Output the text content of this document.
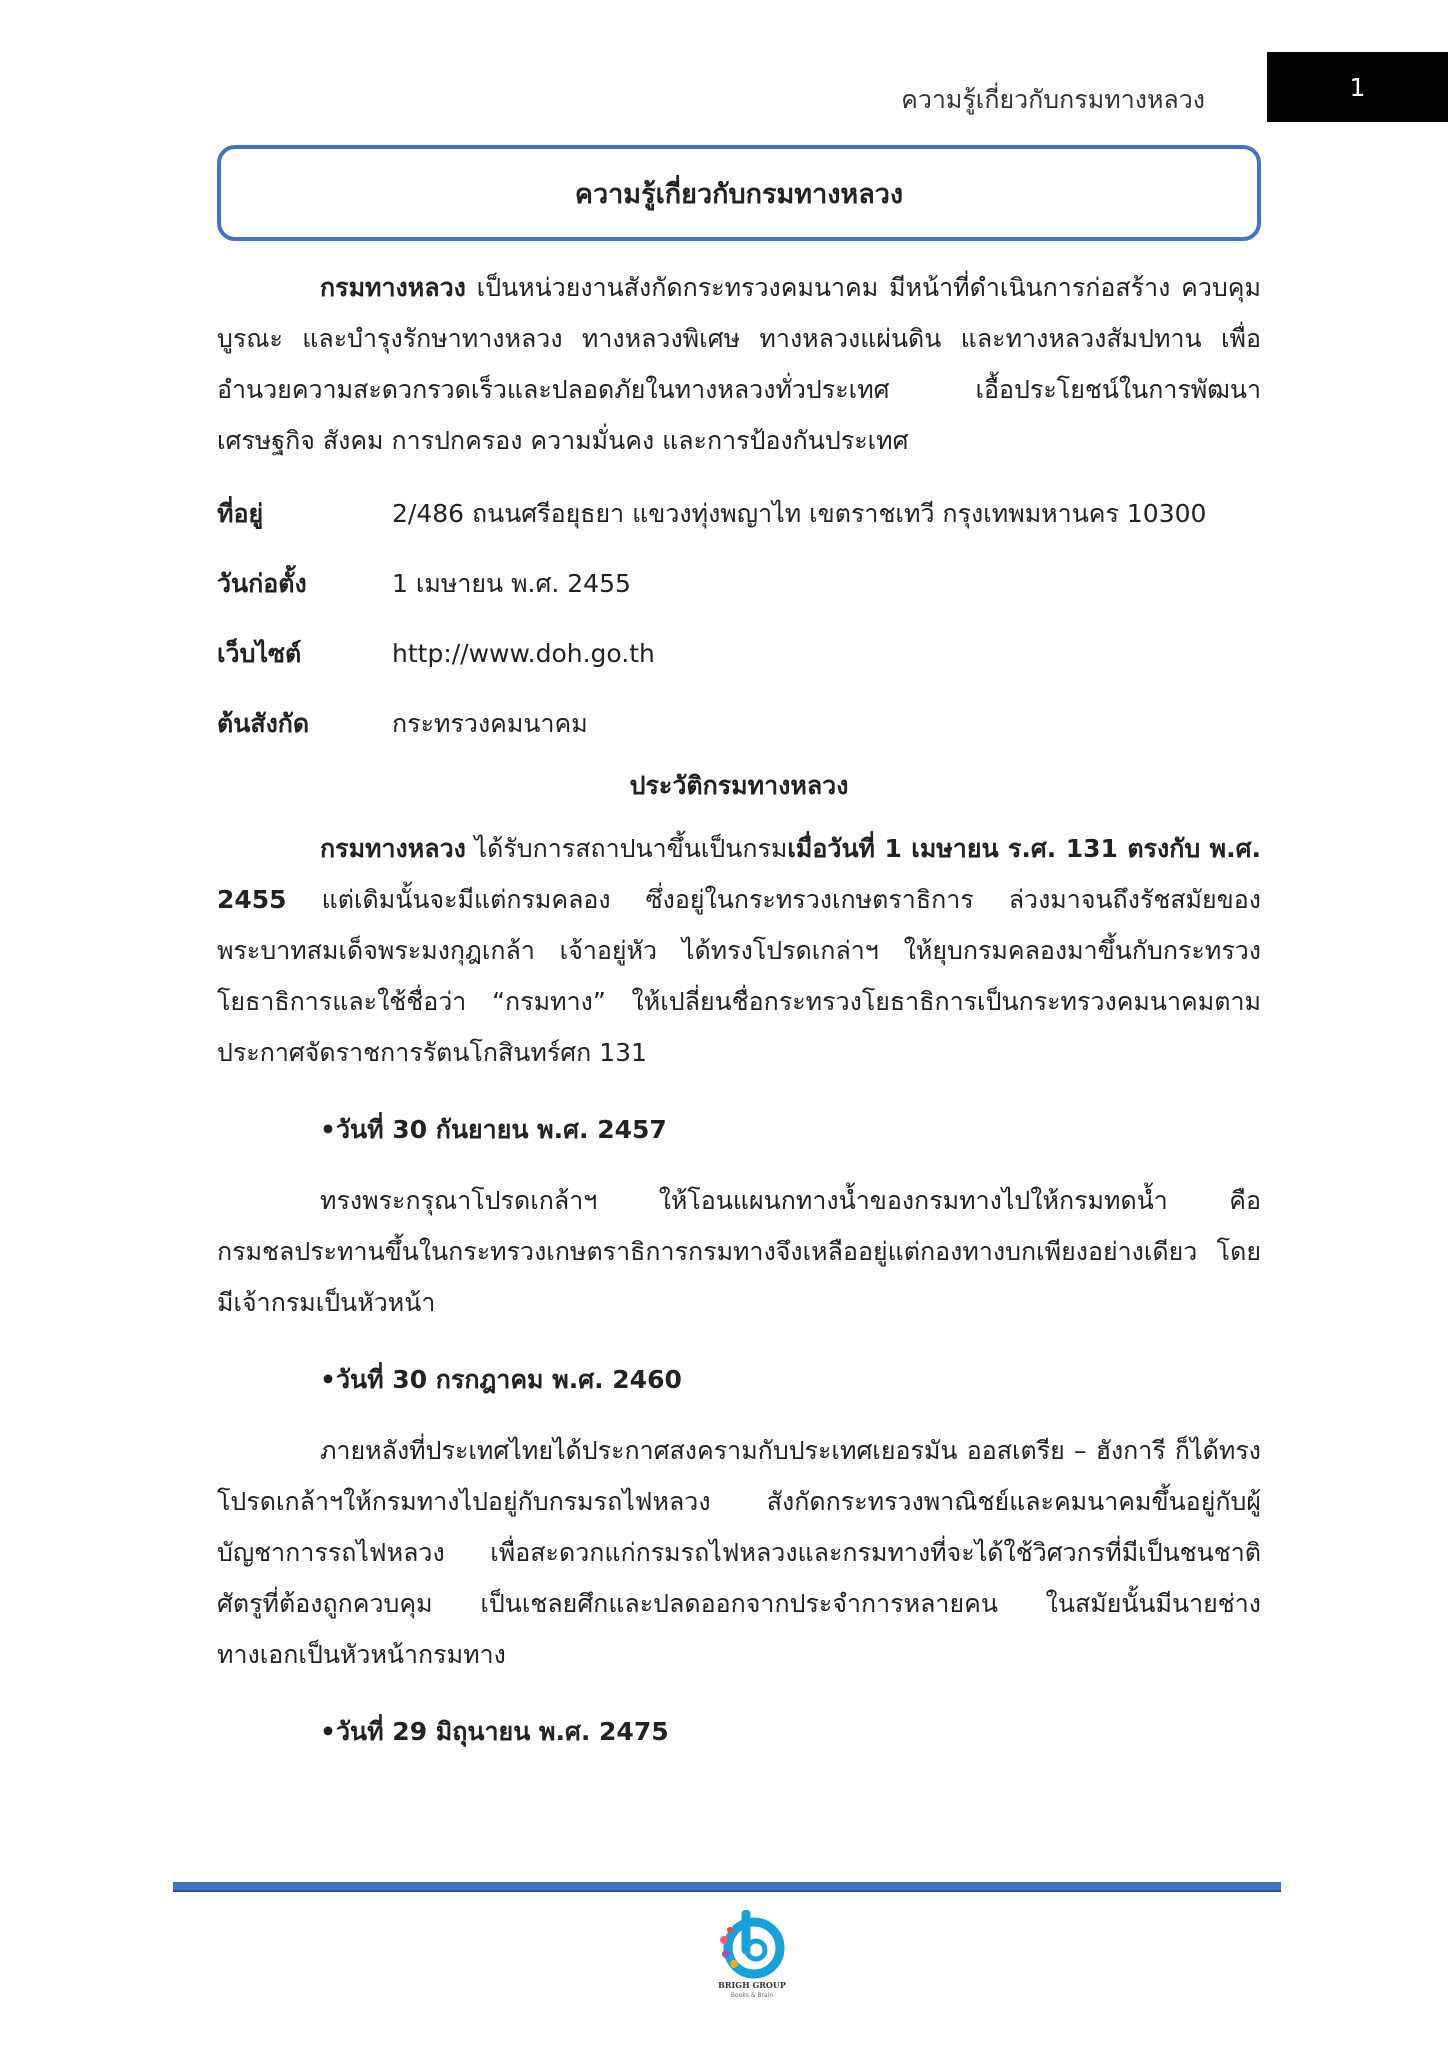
ความรู้เกี่ยวกับกรมทางหลวง	1
ความรู้เกี่ยวกับกรมทางหลวง

กรมทางหลวง เป็นหน่วยงานสังกัดกระทรวงคมนาคม มีหน้าที่ดำเนินการก่อสร้าง ควบคุม บูรณะ และบำรุงรักษาทางหลวง ทางหลวงพิเศษ ทางหลวงแผ่นดิน และทางหลวงสัมปทาน เพื่ออำนวยความสะดวกรวดเร็วและปลอดภัยในทางหลวงทั่วประเทศ เอื้อประโยชน์ในการพัฒนาเศรษฐกิจ สังคม การปกครอง ความมั่นคง และการป้องกันประเทศ

ที่อยู่	2/486 ถนนศรีอยุธยา แขวงทุ่งพญาไท เขตราชเทวี กรุงเทพมหานคร 10300
วันก่อตั้ง	1 เมษายน พ.ศ. 2455
เว็บไซต์	http://www.doh.go.th
ต้นสังกัด	กระทรวงคมนาคม
ประวัติกรมทางหลวง

กรมทางหลวง ได้รับการสถาปนาขึ้นเป็นกรมเมื่อวันที่ 1 เมษายน ร.ศ. 131 ตรงกับ พ.ศ. 2455 แต่เดิมนั้นจะมีแต่กรมคลอง ซึ่งอยู่ในกระทรวงเกษตราธิการ ล่วงมาจนถึงรัชสมัยของพระบาทสมเด็จพระมงกุฎเกล้า เจ้าอยู่หัว ได้ทรงโปรดเกล่าฯ ให้ยุบกรมคลองมาขึ้นกับกระทรวงโยธาธิการและใช้ชื่อว่า “กรมทาง” ให้เปลี่ยนชื่อกระทรวงโยธาธิการเป็นกระทรวงคมนาคมตามประกาศจัดราชการรัตนโกสินทร์ศก 131

•วันที่ 30 กันยายน พ.ศ. 2457

ทรงพระกรุณาโปรดเกล้าฯ ให้โอนแผนกทางน้ำของกรมทางไปให้กรมทดน้ำ คือกรมชลประทานขึ้นในกระทรวงเกษตราธิการกรมทางจึงเหลืออยู่แต่กองทางบกเพียงอย่างเดียว โดยมีเจ้ากรมเป็นหัวหน้า

•วันที่ 30 กรกฎาคม พ.ศ. 2460

ภายหลังที่ประเทศไทยได้ประกาศสงครามกับประเทศเยอรมัน ออสเตรีย – ฮังการี ก็ได้ทรงโปรดเกล้าฯให้กรมทางไปอยู่กับกรมรถไฟหลวง สังกัดกระทรวงพาณิชย์และคมนาคมขึ้นอยู่กับผู้บัญชาการรถไฟหลวง เพื่อสะดวกแก่กรมรถไฟหลวงและกรมทางที่จะได้ใช้วิศวกรที่มีเป็นชนชาติศัตรูที่ต้องถูกควบคุม เป็นเชลยศึกและปลดออกจากประจำการหลายคน ในสมัยนั้นมีนายช่างทางเอกเป็นหัวหน้ากรมทาง

•วันที่ 29 มิถุนายน พ.ศ. 2475
BRIGH GROUP
Books & Brain
